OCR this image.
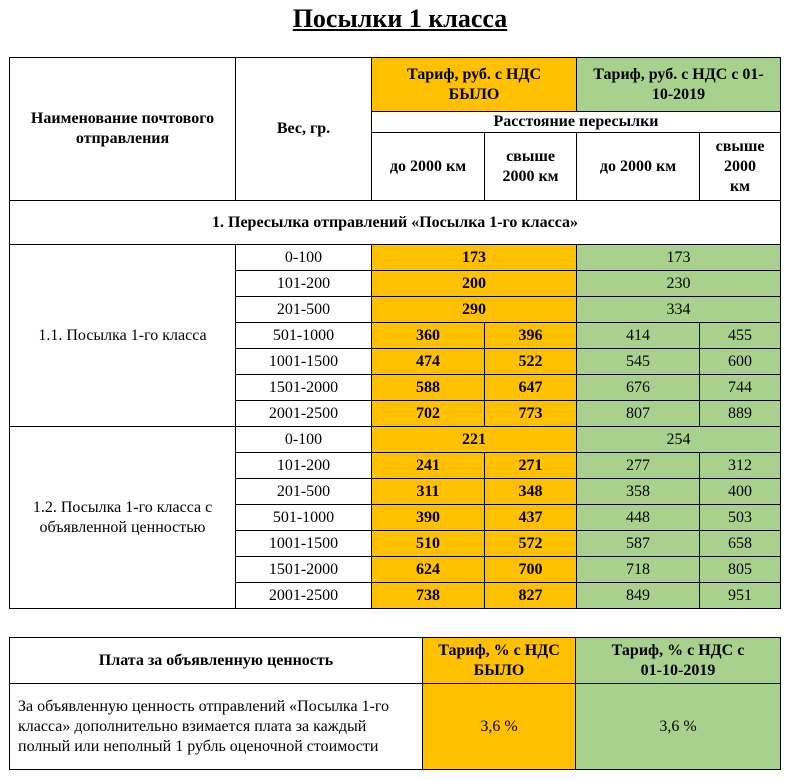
Посылки 1 класса
Наименование почтового отправления	Вес, гр.	Тариф, руб. с НДС БЫЛО		Тариф, руб. с НДС с 01-10-2019	
		Расстояние пересылки			
		до 2000 км	свыше 2000 км	до 2000 км	свыше 2000 км
1. Пересылка отправлений «Посылка 1-го класса»					
1.1. Посылка 1-го класса	0-100	173		173	
	101-200	200		230	
	201-500	290		334	
	501-1000	360	396	414	455
	1001-1500	474	522	545	600
	1501-2000	588	647	676	744
	2001-2500	702	773	807	889
1.2. Посылка 1-го класса с объявленной ценностью	0-100	221		254	
	101-200	241	271	277	312
	201-500	311	348	358	400
	501-1000	390	437	448	503
	1001-1500	510	572	587	658
	1501-2000	624	700	718	805
	2001-2500	738	827	849	951
Плата за объявленную ценность	Тариф, % с НДС БЫЛО	Тариф, % с НДС с 01-10-2019
За объявленную ценность отправлений «Посылка 1-го класса» дополнительно взимается плата за каждый полный или неполный 1 рубль оценочной стоимости	3,6 %	3,6 %
